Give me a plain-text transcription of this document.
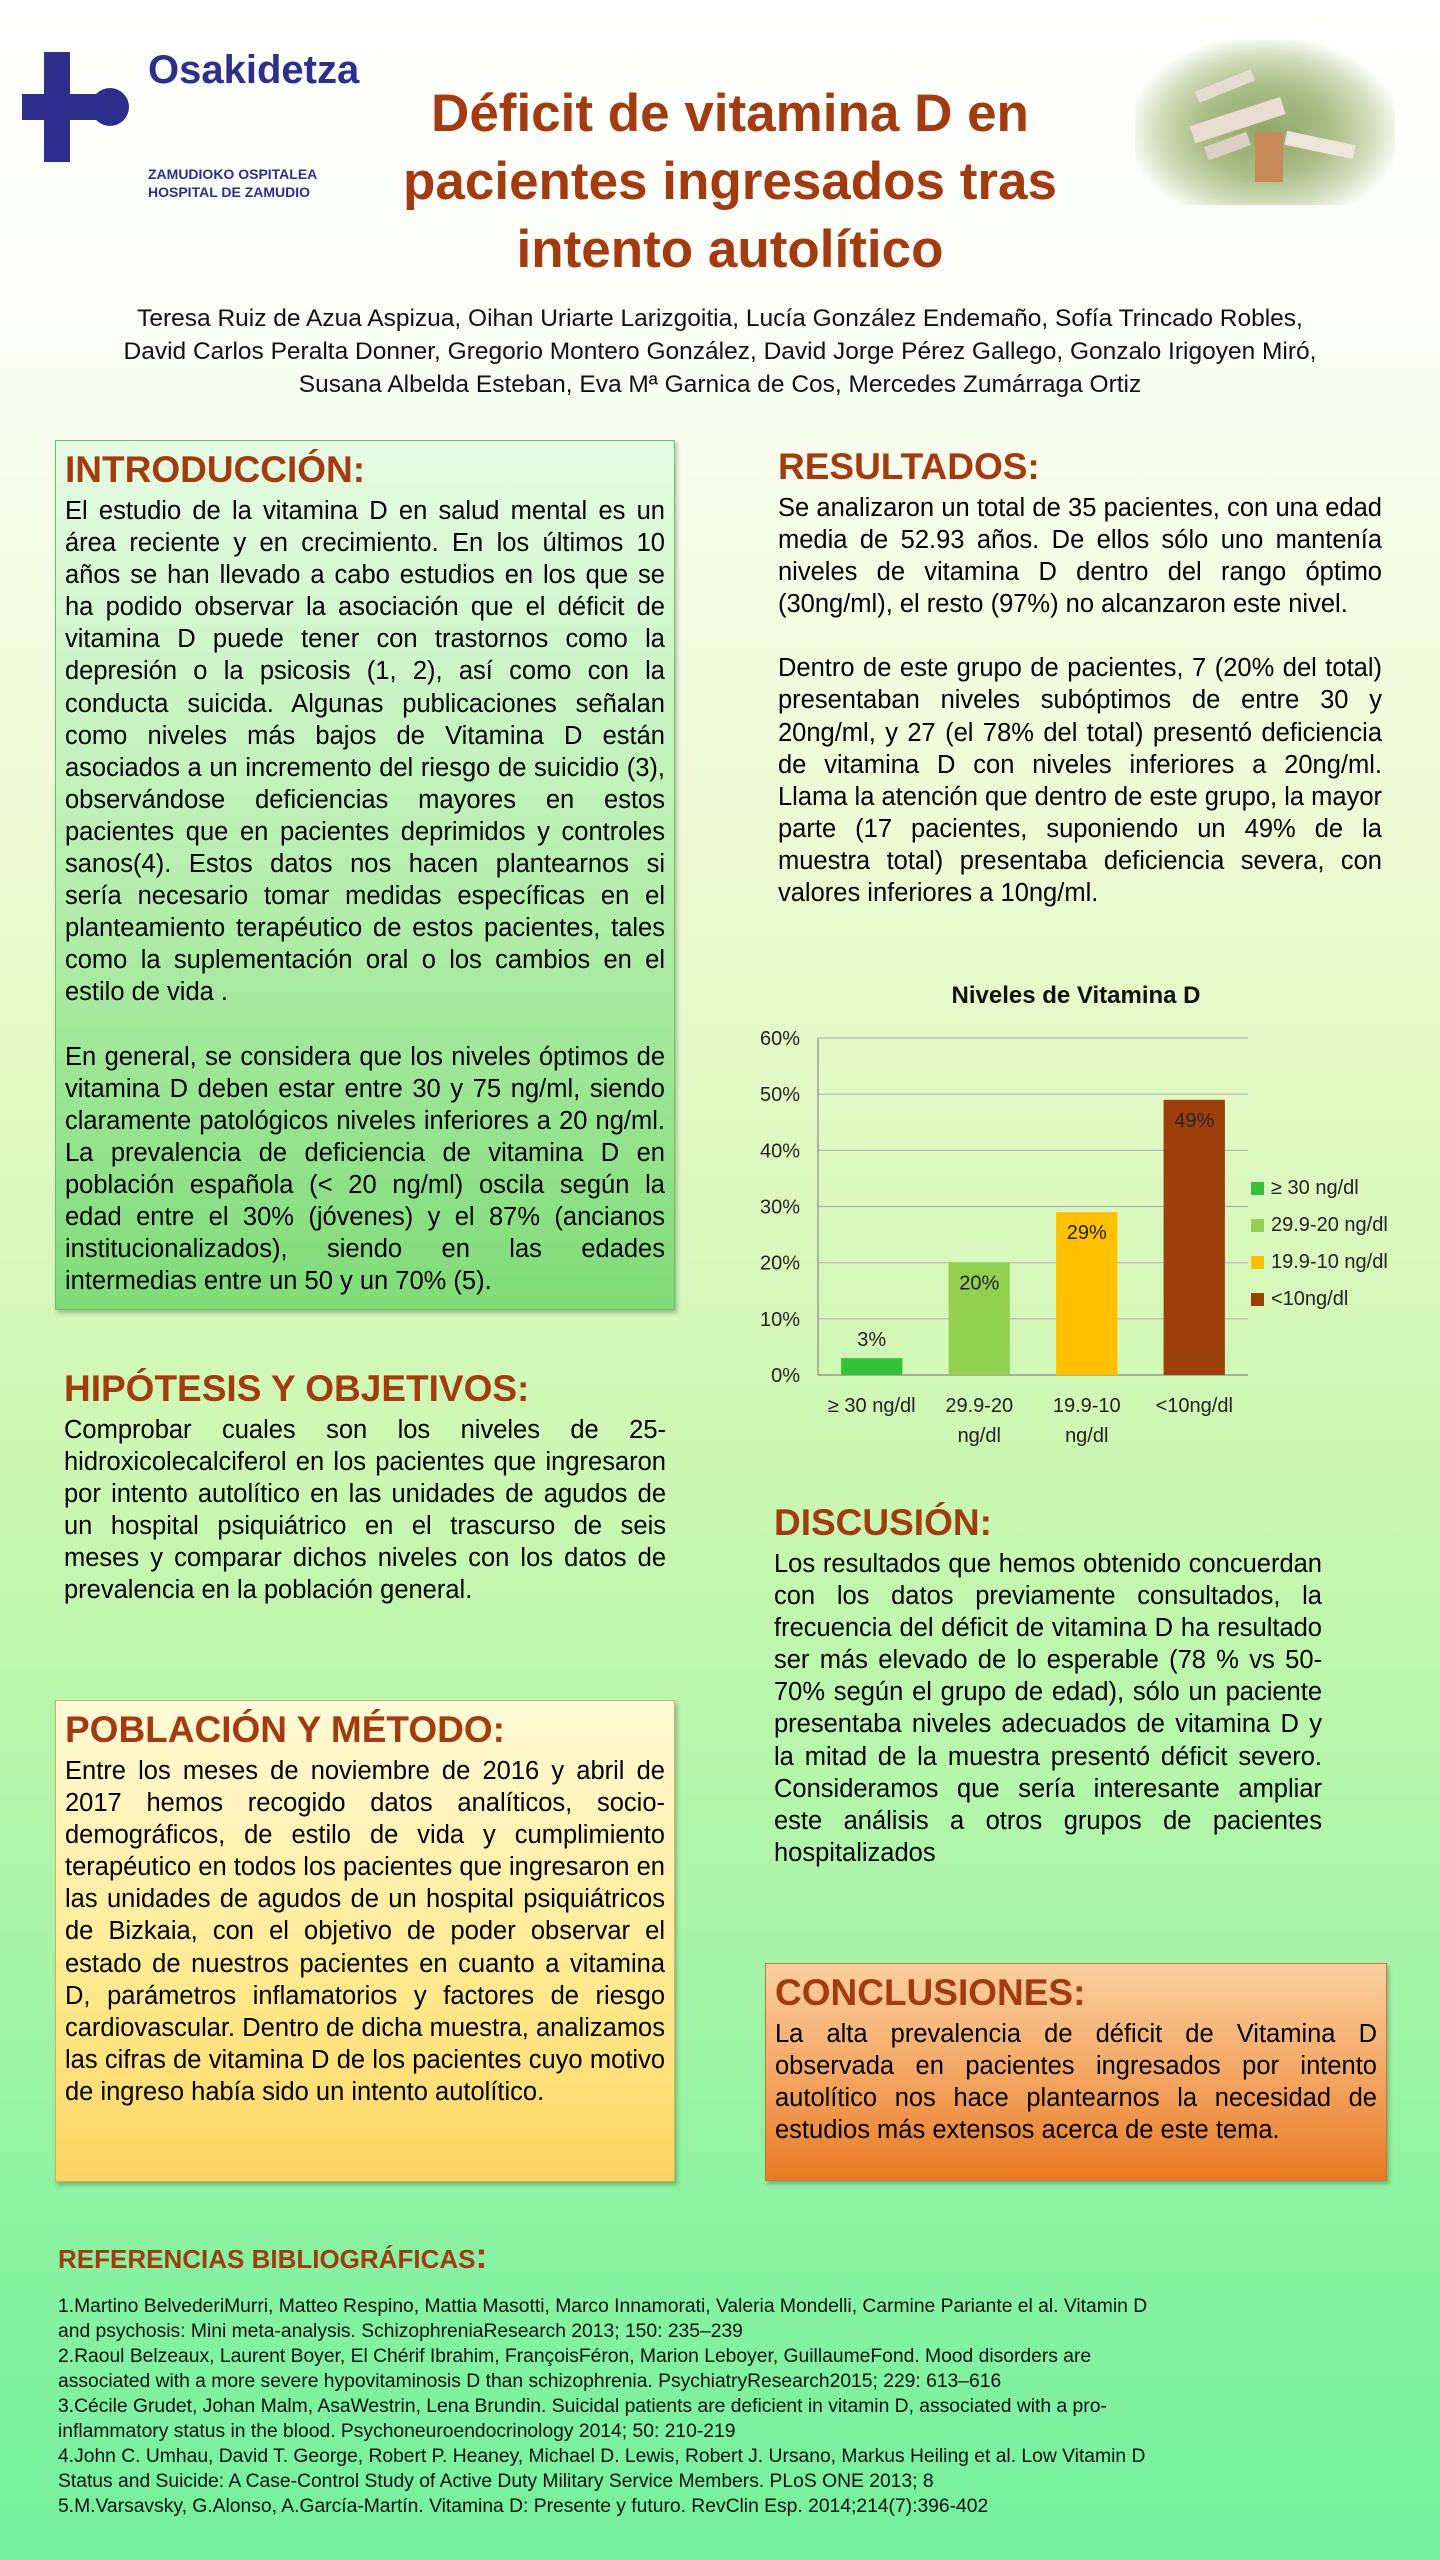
Osakidetza
ZAMUDIOKO OSPITALEA
HOSPITAL DE ZAMUDIO
Déficit de vitamina D en
pacientes ingresados tras
intento autolítico
Teresa Ruiz de Azua Aspizua, Oihan Uriarte Larizgoitia, Lucía González Endemaño, Sofía Trincado Robles,
David Carlos Peralta Donner, Gregorio Montero González, David Jorge Pérez Gallego, Gonzalo Irigoyen Miró,
Susana Albelda Esteban, Eva Mª Garnica de Cos, Mercedes Zumárraga Ortiz
INTRODUCCIÓN:
El estudio de la vitamina D en salud mental es un área reciente y en crecimiento. En los últimos 10 años se han llevado a cabo estudios en los que se ha podido observar la asociación que el déficit de vitamina D puede tener con trastornos como la depresión o la psicosis (1, 2), así como con la conducta suicida. Algunas publicaciones señalan como niveles más bajos de Vitamina D están asociados a un incremento del riesgo de suicidio (3), observándose deficiencias mayores en estos pacientes que en pacientes deprimidos y controles sanos(4). Estos datos nos hacen plantearnos si sería necesario tomar medidas específicas en el planteamiento terapéutico de estos pacientes, tales como la suplementación oral o los cambios en el estilo de vida .
En general, se considera que los niveles óptimos de vitamina D deben estar entre 30 y 75 ng/ml, siendo claramente patológicos niveles inferiores a 20 ng/ml. La prevalencia de deficiencia de vitamina D en población española (< 20 ng/ml) oscila según la edad entre el 30% (jóvenes) y el 87% (ancianos institucionalizados), siendo en las edades intermedias entre un 50 y un 70% (5).
HIPÓTESIS Y OBJETIVOS:
Comprobar cuales son los niveles de 25-hidroxicolecalciferol en los pacientes que ingresaron por intento autolítico en las unidades de agudos de un hospital psiquiátrico en el trascurso de seis meses y comparar dichos niveles con los datos de prevalencia en la población general.
POBLACIÓN Y MÉTODO:
Entre los meses de noviembre de 2016 y abril de 2017 hemos recogido datos analíticos, socio-demográficos, de estilo de vida y cumplimiento terapéutico en todos los pacientes que ingresaron en las unidades de agudos de un hospital psiquiátricos de Bizkaia, con el objetivo de poder observar el estado de nuestros pacientes en cuanto a vitamina D, parámetros inflamatorios y factores de riesgo cardiovascular. Dentro de dicha muestra, analizamos las cifras de vitamina D de los pacientes cuyo motivo de ingreso había sido un intento autolítico.
RESULTADOS:
Se analizaron un total de 35 pacientes, con una edad media de 52.93 años. De ellos sólo uno mantenía niveles de vitamina D dentro del rango óptimo (30ng/ml), el resto (97%) no alcanzaron este nivel.
Dentro de este grupo de pacientes, 7 (20% del total) presentaban niveles subóptimos de entre 30 y 20ng/ml, y 27 (el 78% del total) presentó deficiencia de vitamina D con niveles inferiores a 20ng/ml. Llama la atención que dentro de este grupo, la mayor parte (17 pacientes, suponiendo un 49% de la muestra total) presentaba deficiencia severa, con valores inferiores a 10ng/ml.
Niveles de Vitamina D
0%
10%
20%
30%
40%
50%
60%
3%
20%
29%
49%
≥ 30 ng/dl 29.9-20
ng/dl
19.9-10
ng/dl
<10ng/dl
≥ 30 ng/dl
29.9-20 ng/dl
19.9-10 ng/dl
<10ng/dl
DISCUSIÓN:
Los resultados que hemos obtenido concuerdan con los datos previamente consultados, la frecuencia del déficit de vitamina D ha resultado ser más elevado de lo esperable (78 % vs 50-70% según el grupo de edad), sólo un paciente presentaba niveles adecuados de vitamina D y la mitad de la muestra presentó déficit severo. Consideramos que sería interesante ampliar este análisis a otros grupos de pacientes hospitalizados
CONCLUSIONES:
La alta prevalencia de déficit de Vitamina D observada en pacientes ingresados por intento autolítico nos hace plantearnos la necesidad de estudios más extensos acerca de este tema.
REFERENCIAS BIBLIOGRÁFICAS:
1.Martino BelvederiMurri, Matteo Respino, Mattia Masotti, Marco Innamorati, Valeria Mondelli, Carmine Pariante el al. Vitamin D
and psychosis: Mini meta-analysis. SchizophreniaResearch 2013; 150: 235–239
2.Raoul Belzeaux, Laurent Boyer, El Chérif Ibrahim, FrançoisFéron, Marion Leboyer, GuillaumeFond. Mood disorders are
associated with a more severe hypovitaminosis D than schizophrenia. PsychiatryResearch2015; 229: 613–616
3.Cécile Grudet, Johan Malm, AsaWestrin, Lena Brundin. Suicidal patients are deficient in vitamin D, associated with a pro-
inflammatory status in the blood. Psychoneuroendocrinology 2014; 50: 210-219
4.John C. Umhau, David T. George, Robert P. Heaney, Michael D. Lewis, Robert J. Ursano, Markus Heiling et al. Low Vitamin D
Status and Suicide: A Case-Control Study of Active Duty Military Service Members. PLoS ONE 2013; 8
5.M.Varsavsky, G.Alonso, A.García-Martín. Vitamina D: Presente y futuro. RevClin Esp. 2014;214(7):396-402
